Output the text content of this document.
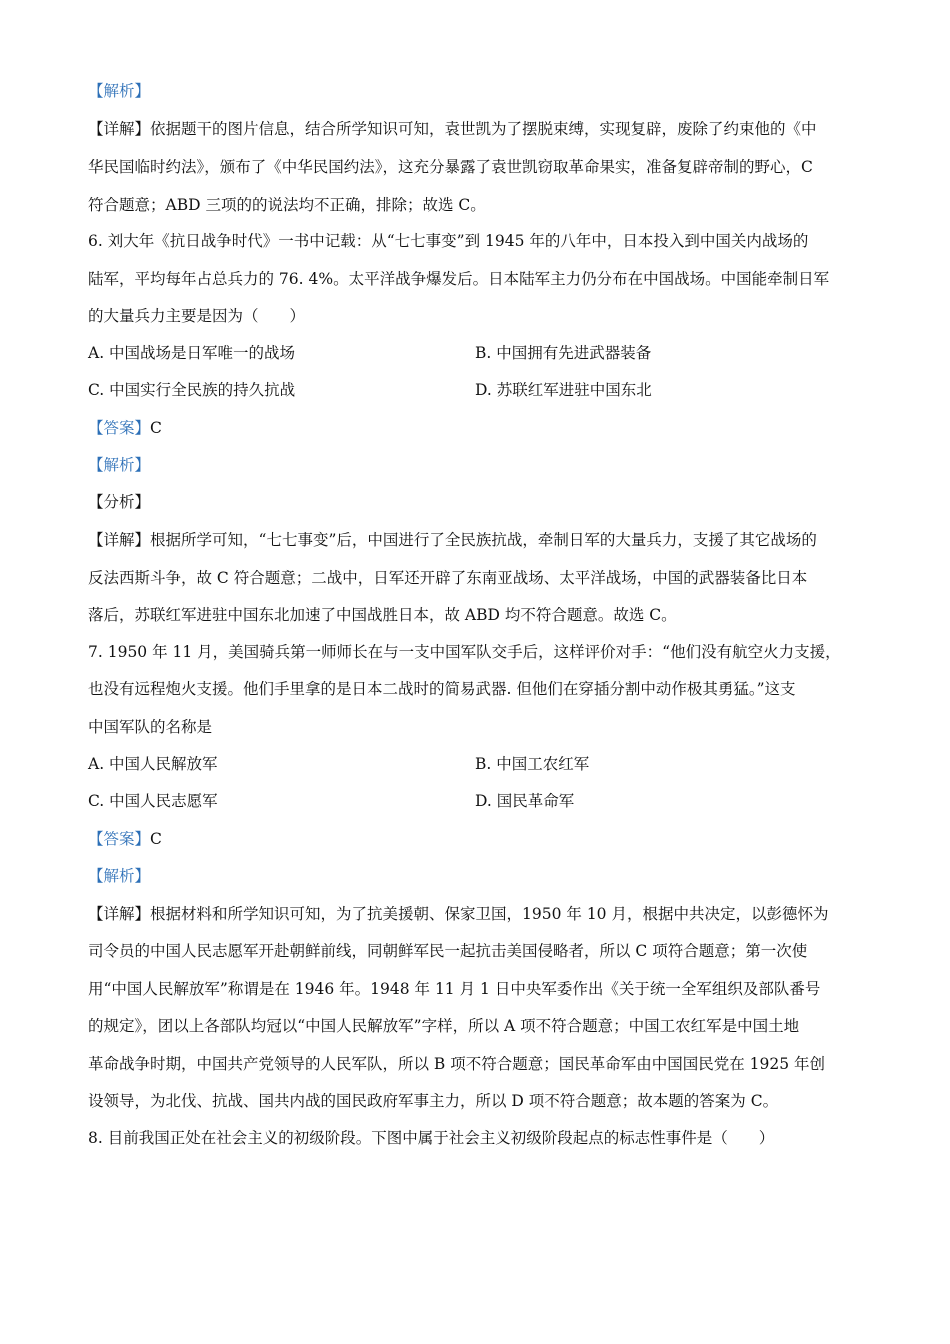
【解析】
【详解】依据题干的图片信息，结合所学知识可知，袁世凯为了摆脱束缚，实现复辟，废除了约束他的《中
华民国临时约法》，颁布了《中华民国约法》，这充分暴露了袁世凯窃取革命果实，准备复辟帝制的野心，C
符合题意；ABD 三项的的说法均不正确，排除；故选 C。
6. 刘大年《抗日战争时代》一书中记载：从“七七事变”到 1945 年的八年中，日本投入到中国关内战场的
陆军，平均每年占总兵力的 76. 4%。太平洋战争爆发后。日本陆军主力仍分布在中国战场。中国能牵制日军
的大量兵力主要是因为（　　）
A. 中国战场是日军唯一的战场	B. 中国拥有先进武器装备
C. 中国实行全民族的持久抗战	D. 苏联红军进驻中国东北
【答案】C
【解析】
【分析】
【详解】根据所学可知，“七七事变”后，中国进行了全民族抗战，牵制日军的大量兵力，支援了其它战场的
反法西斯斗争，故 C 符合题意；二战中，日军还开辟了东南亚战场、太平洋战场，中国的武器装备比日本
落后，苏联红军进驻中国东北加速了中国战胜日本，故 ABD 均不符合题意。故选 C。
7. 1950 年 11 月，美国骑兵第一师师长在与一支中国军队交手后，这样评价对手：“他们没有航空火力支援，
也没有远程炮火支援。他们手里拿的是日本二战时的简易武器. 但他们在穿插分割中动作极其勇猛。”这支
中国军队的名称是
A. 中国人民解放军	B. 中国工农红军
C. 中国人民志愿军	D. 国民革命军
【答案】C
【解析】
【详解】根据材料和所学知识可知，为了抗美援朝、保家卫国，1950 年 10 月，根据中共决定，以彭德怀为
司令员的中国人民志愿军开赴朝鲜前线，同朝鲜军民一起抗击美国侵略者，所以 C 项符合题意；第一次使
用“中国人民解放军”称谓是在 1946 年。1948 年 11 月 1 日中央军委作出《关于统一全军组织及部队番号
的规定》，团以上各部队均冠以“中国人民解放军”字样，所以 A 项不符合题意；中国工农红军是中国土地
革命战争时期，中国共产党领导的人民军队，所以 B 项不符合题意；国民革命军由中国国民党在 1925 年创
设领导，为北伐、抗战、国共内战的国民政府军事主力，所以 D 项不符合题意；故本题的答案为 C。
8. 目前我国正处在社会主义的初级阶段。下图中属于社会主义初级阶段起点的标志性事件是（　　）
